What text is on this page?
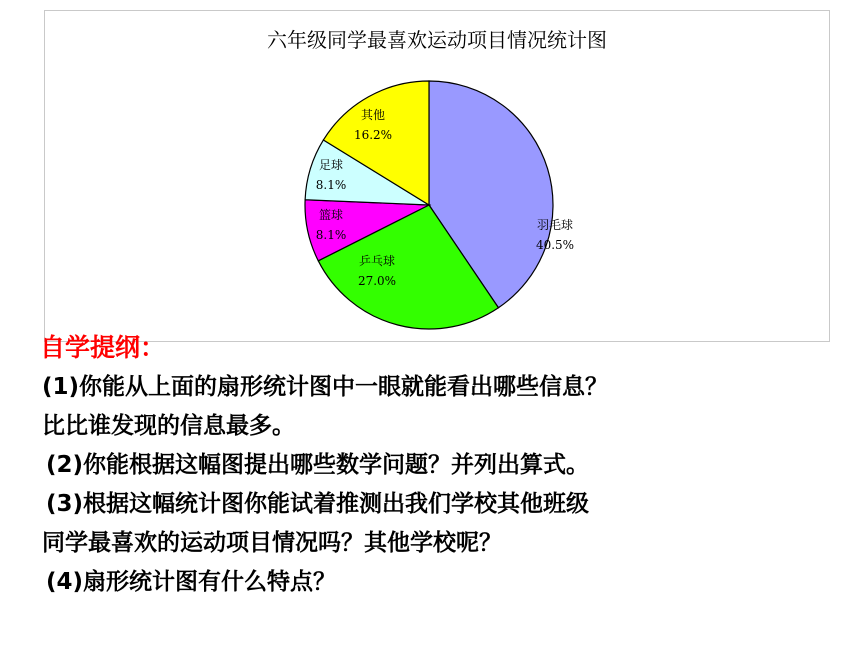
六年级同学最喜欢运动项目情况统计图
羽毛球
40.5%
乒乓球
27.0%
篮球
8.1%
足球
8.1%
其他
16.2%
自学提纲：
(1)你能从上面的扇形统计图中一眼就能看出哪些信息？
比比谁发现的信息最多。
(2)你能根据这幅图提出哪些数学问题？并列出算式。
(3)根据这幅统计图你能试着推测出我们学校其他班级
同学最喜欢的运动项目情况吗？其他学校呢？
(4)扇形统计图有什么特点？
